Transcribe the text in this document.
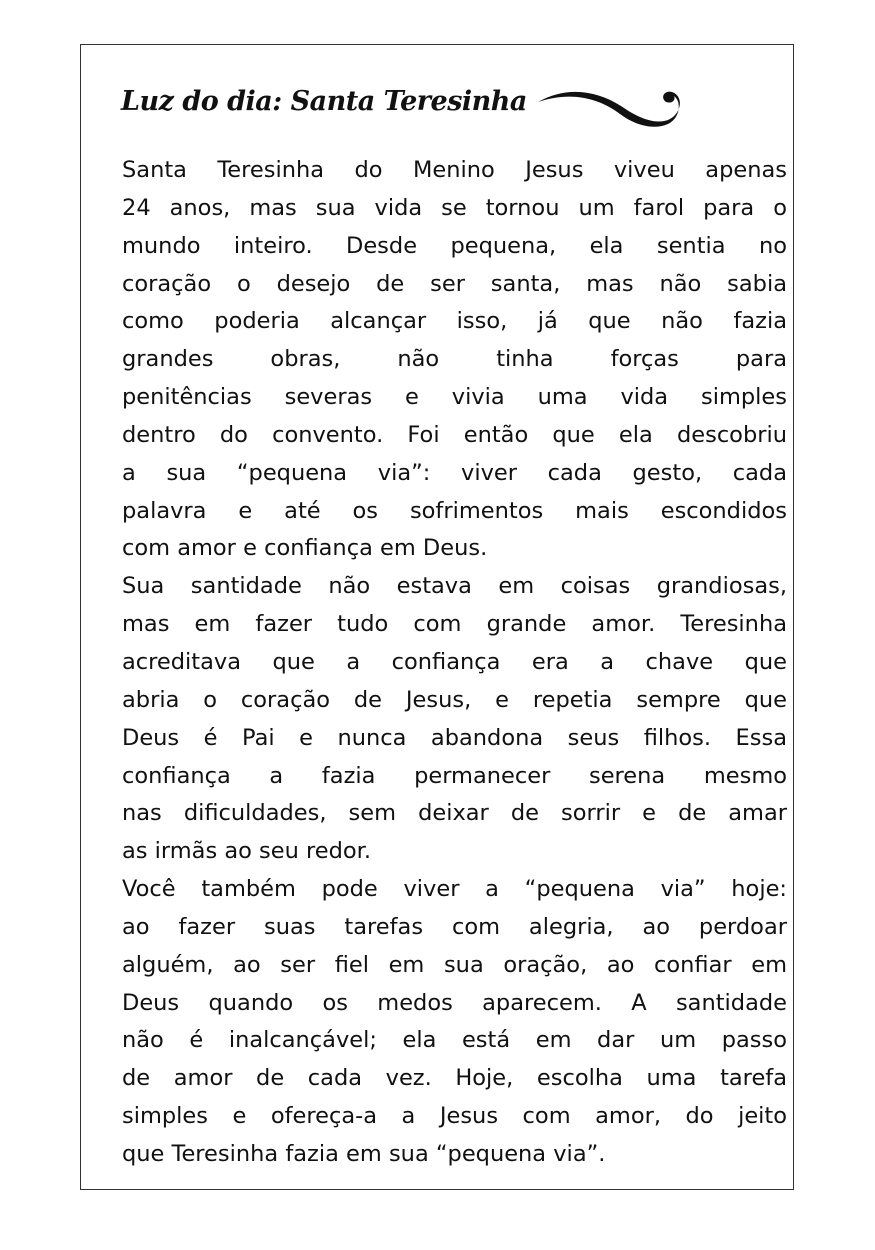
Luz do dia: Santa Teresinha
Santa Teresinha do Menino Jesus viveu apenas
24 anos, mas sua vida se tornou um farol para o
mundo inteiro. Desde pequena, ela sentia no
coração o desejo de ser santa, mas não sabia
como poderia alcançar isso, já que não fazia
grandes obras, não tinha forças para
penitências severas e vivia uma vida simples
dentro do convento. Foi então que ela descobriu
a sua “pequena via”: viver cada gesto, cada
palavra e até os sofrimentos mais escondidos
com amor e confiança em Deus.
Sua santidade não estava em coisas grandiosas,
mas em fazer tudo com grande amor. Teresinha
acreditava que a confiança era a chave que
abria o coração de Jesus, e repetia sempre que
Deus é Pai e nunca abandona seus filhos. Essa
confiança a fazia permanecer serena mesmo
nas dificuldades, sem deixar de sorrir e de amar
as irmãs ao seu redor.
Você também pode viver a “pequena via” hoje:
ao fazer suas tarefas com alegria, ao perdoar
alguém, ao ser fiel em sua oração, ao confiar em
Deus quando os medos aparecem. A santidade
não é inalcançável; ela está em dar um passo
de amor de cada vez. Hoje, escolha uma tarefa
simples e ofereça-a a Jesus com amor, do jeito
que Teresinha fazia em sua “pequena via”.
